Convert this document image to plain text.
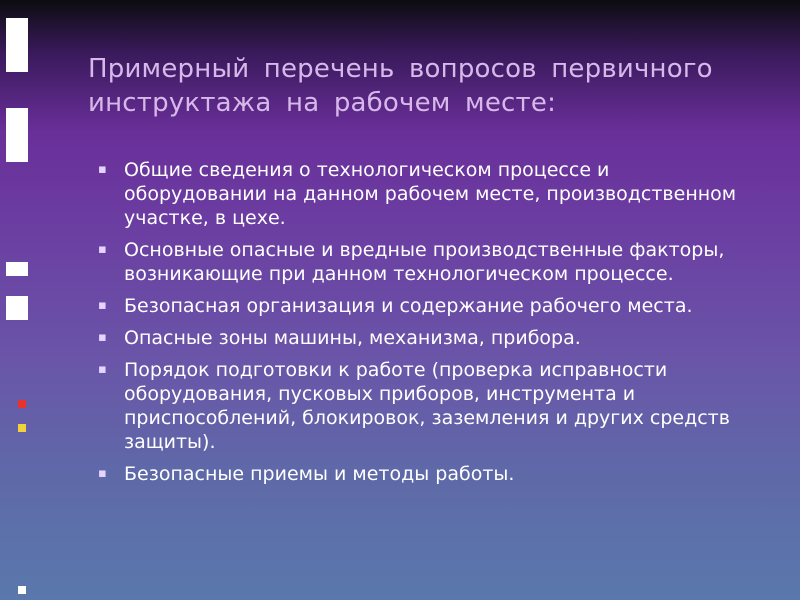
Примерный перечень вопросов первичного инструктажа на рабочем месте:
▪ Общие сведения о технологическом процессе и оборудовании на данном рабочем месте, производственном участке, в цехе.
▪ Основные опасные и вредные производственные факторы, возникающие при данном технологическом процессе.
▪ Безопасная организация и содержание рабочего места.
▪ Опасные зоны машины, механизма, прибора.
▪ Порядок подготовки к работе (проверка исправности оборудования, пусковых приборов, инструмента и приспособлений, блокировок, заземления и других средств защиты).
▪ Безопасные приемы и методы работы.
